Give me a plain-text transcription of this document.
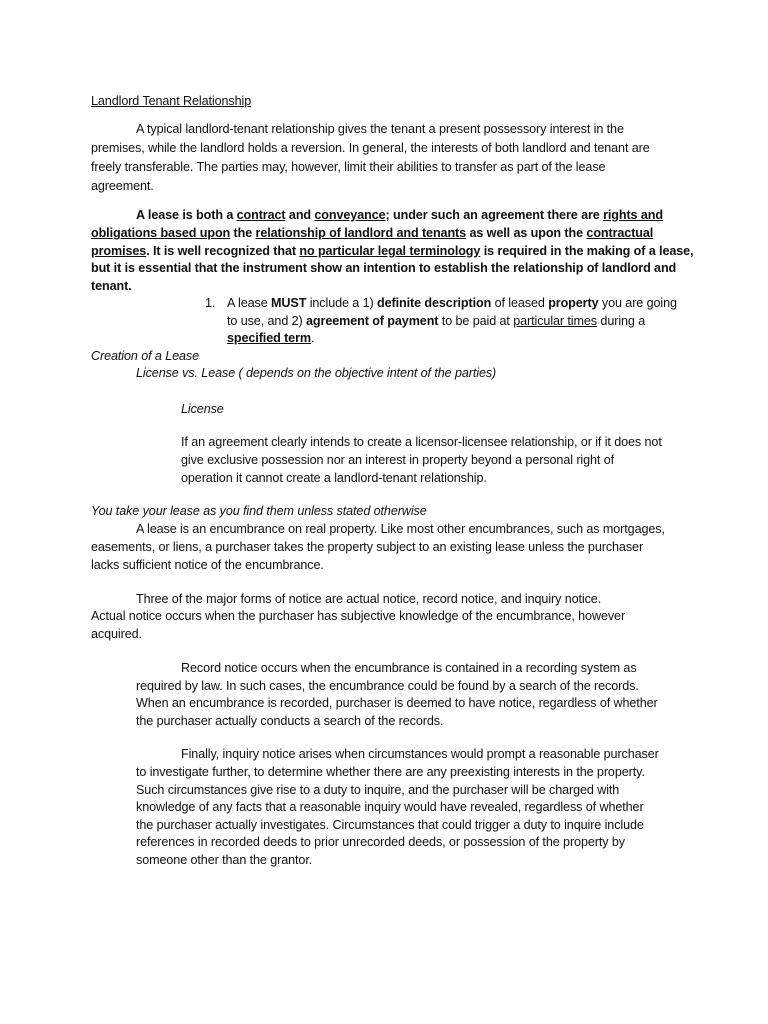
Landlord Tenant Relationship
A typical landlord-tenant relationship gives the tenant a present possessory interest in the
premises, while the landlord holds a reversion. In general, the interests of both landlord and tenant are
freely transferable. The parties may, however, limit their abilities to transfer as part of the lease
agreement.
A lease is both a contract and conveyance; under such an agreement there are rights and
obligations based upon the relationship of landlord and tenants as well as upon the contractual
promises. It is well recognized that no particular legal terminology is required in the making of a lease,
but it is essential that the instrument show an intention to establish the relationship of landlord and
tenant.
1. A lease MUST include a 1) definite description of leased property you are going
to use, and 2) agreement of payment to be paid at particular times during a
specified term.
Creation of a Lease
License vs. Lease ( depends on the objective intent of the parties)
License
If an agreement clearly intends to create a licensor-licensee relationship, or if it does not
give exclusive possession nor an interest in property beyond a personal right of
operation it cannot create a landlord-tenant relationship.
You take your lease as you find them unless stated otherwise
A lease is an encumbrance on real property. Like most other encumbrances, such as mortgages,
easements, or liens, a purchaser takes the property subject to an existing lease unless the purchaser
lacks sufficient notice of the encumbrance.
Three of the major forms of notice are actual notice, record notice, and inquiry notice.
Actual notice occurs when the purchaser has subjective knowledge of the encumbrance, however
acquired.
Record notice occurs when the encumbrance is contained in a recording system as
required by law. In such cases, the encumbrance could be found by a search of the records.
When an encumbrance is recorded, purchaser is deemed to have notice, regardless of whether
the purchaser actually conducts a search of the records.
Finally, inquiry notice arises when circumstances would prompt a reasonable purchaser
to investigate further, to determine whether there are any preexisting interests in the property.
Such circumstances give rise to a duty to inquire, and the purchaser will be charged with
knowledge of any facts that a reasonable inquiry would have revealed, regardless of whether
the purchaser actually investigates. Circumstances that could trigger a duty to inquire include
references in recorded deeds to prior unrecorded deeds, or possession of the property by
someone other than the grantor.
